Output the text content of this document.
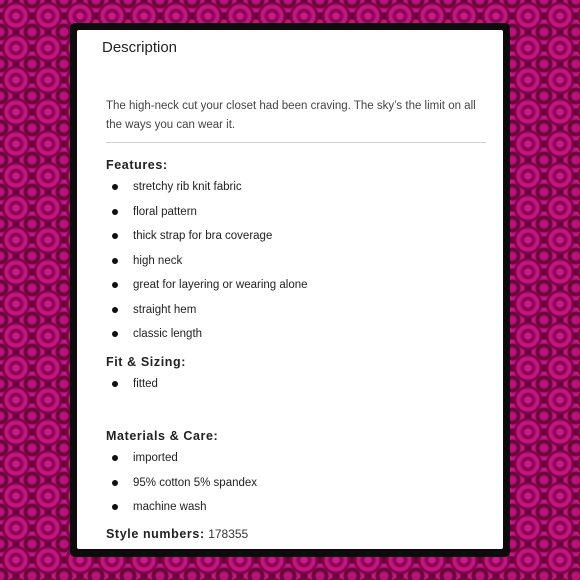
Description

The high-neck cut your closet had been craving. The sky’s the limit on all the ways you can wear it.

Features:
stretchy rib knit fabric
floral pattern
thick strap for bra coverage
high neck
great for layering or wearing alone
straight hem
classic length
Fit & Sizing:
fitted
Materials & Care:
imported
95% cotton 5% spandex
machine wash

Style numbers: 178355
